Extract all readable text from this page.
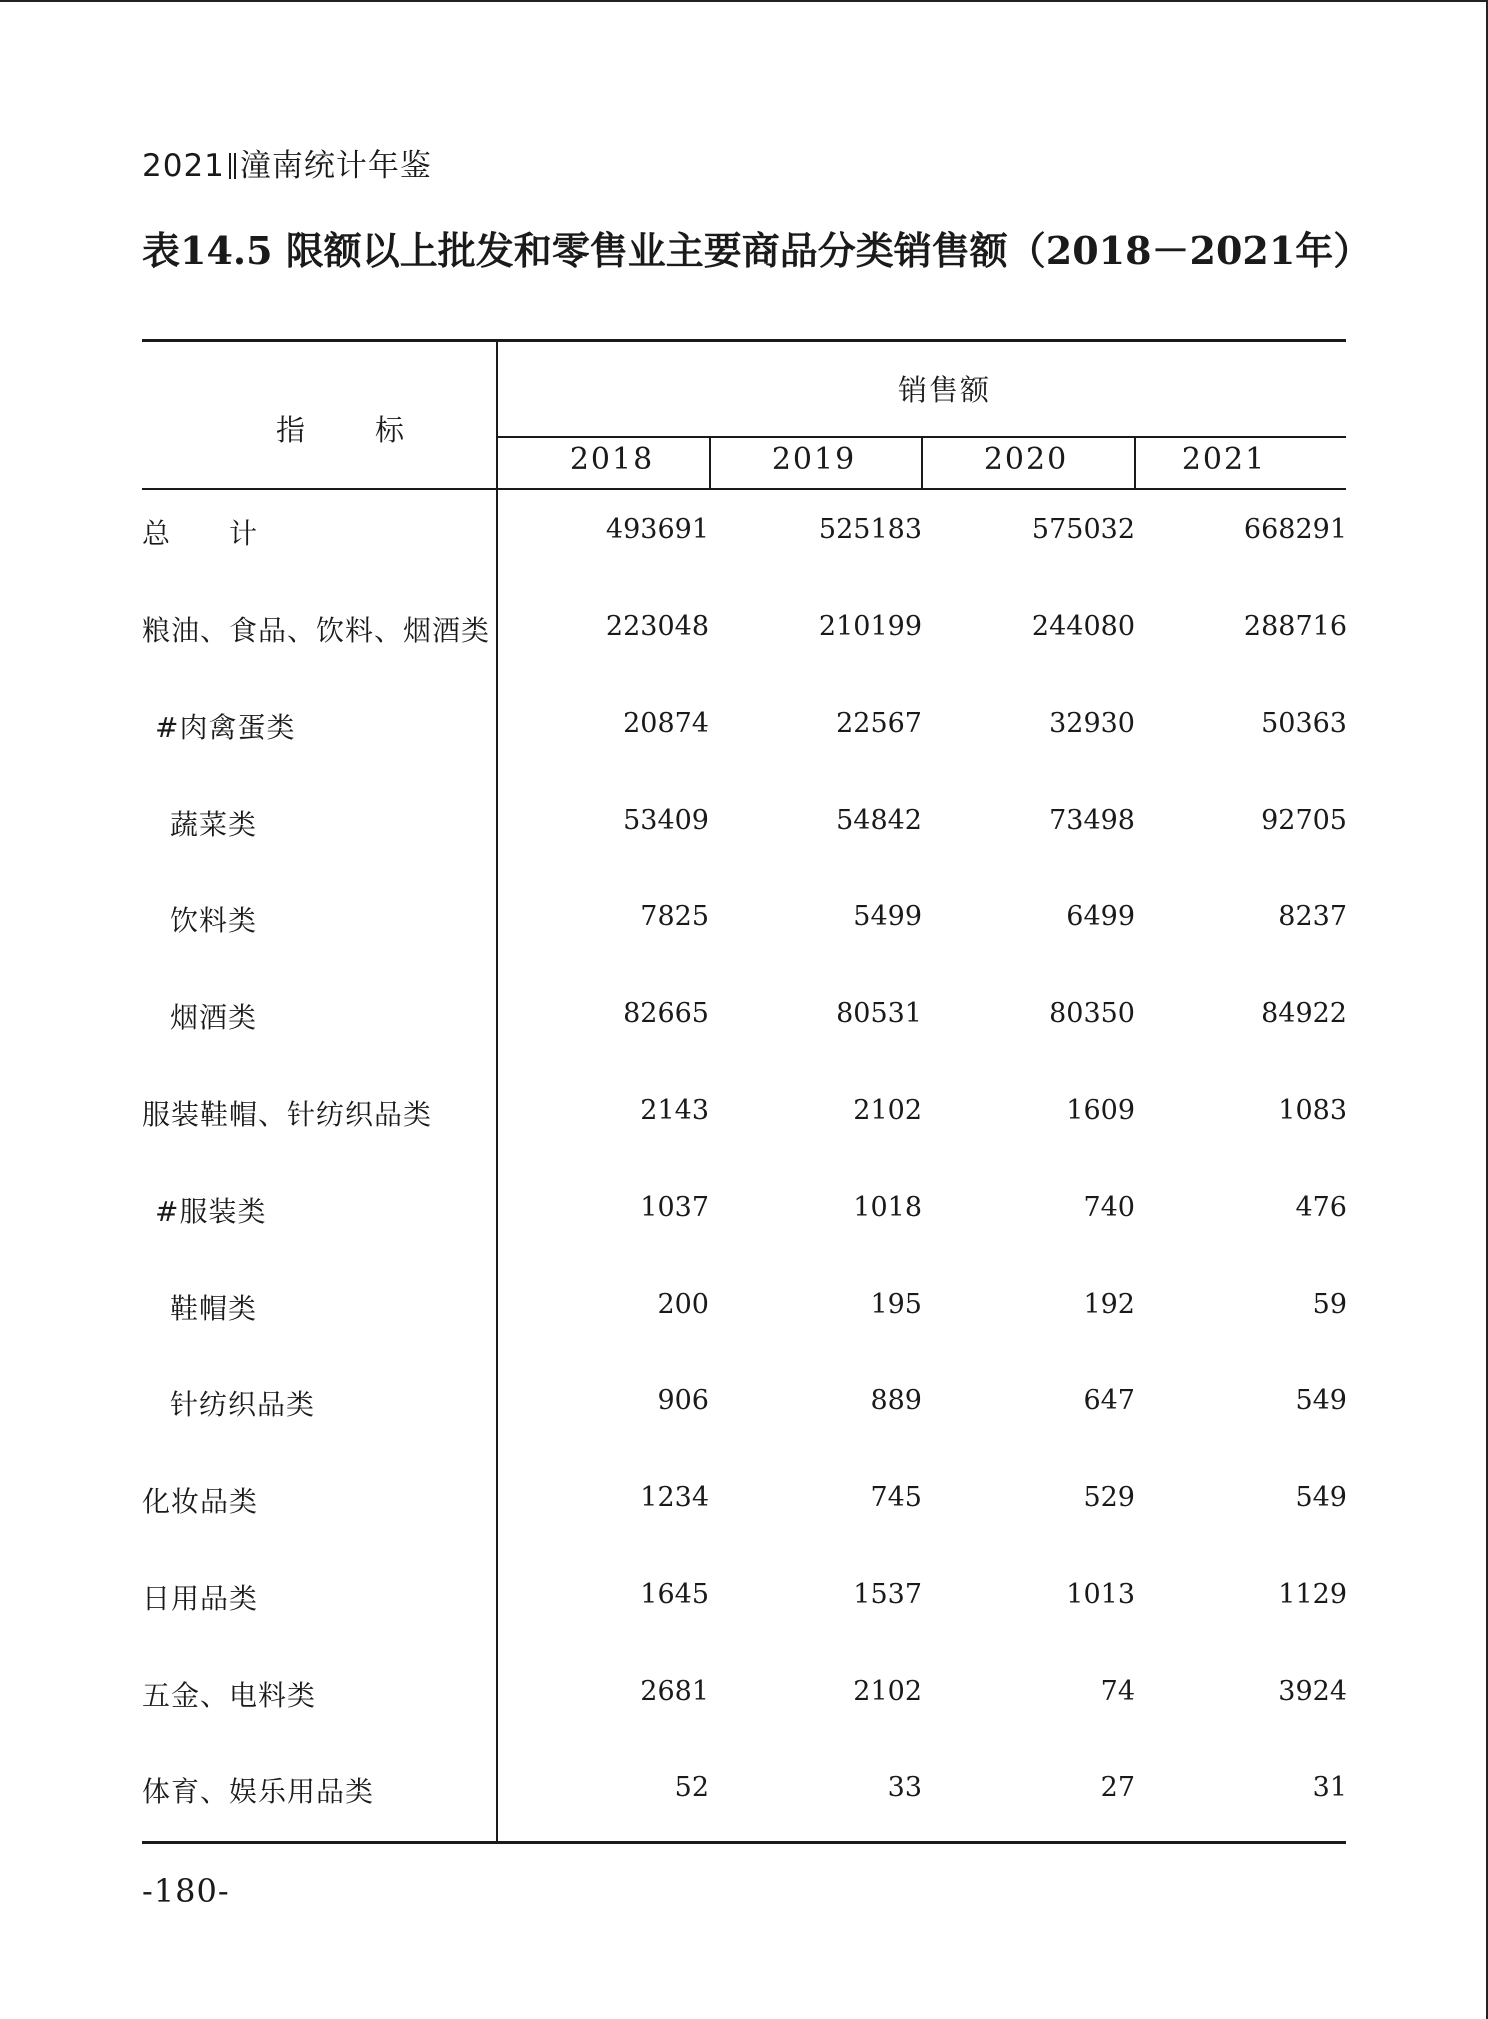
2021 潼南统计年鉴
表14.5 限额以上批发和零售业主要商品分类销售额（2018－2021年）
指　　标
销售额
2018	2019	2020	2021
总　　计	493691	525183	575032	668291
粮油、食品、饮料、烟酒类	223048	210199	244080	288716
#肉禽蛋类	20874	22567	32930	50363
蔬菜类	53409	54842	73498	92705
饮料类	7825	5499	6499	8237
烟酒类	82665	80531	80350	84922
服装鞋帽、针纺织品类	2143	2102	1609	1083
#服装类	1037	1018	740	476
鞋帽类	200	195	192	59
针纺织品类	906	889	647	549
化妆品类	1234	745	529	549
日用品类	1645	1537	1013	1129
五金、电料类	2681	2102	74	3924
体育、娱乐用品类	52	33	27	31
-180-
